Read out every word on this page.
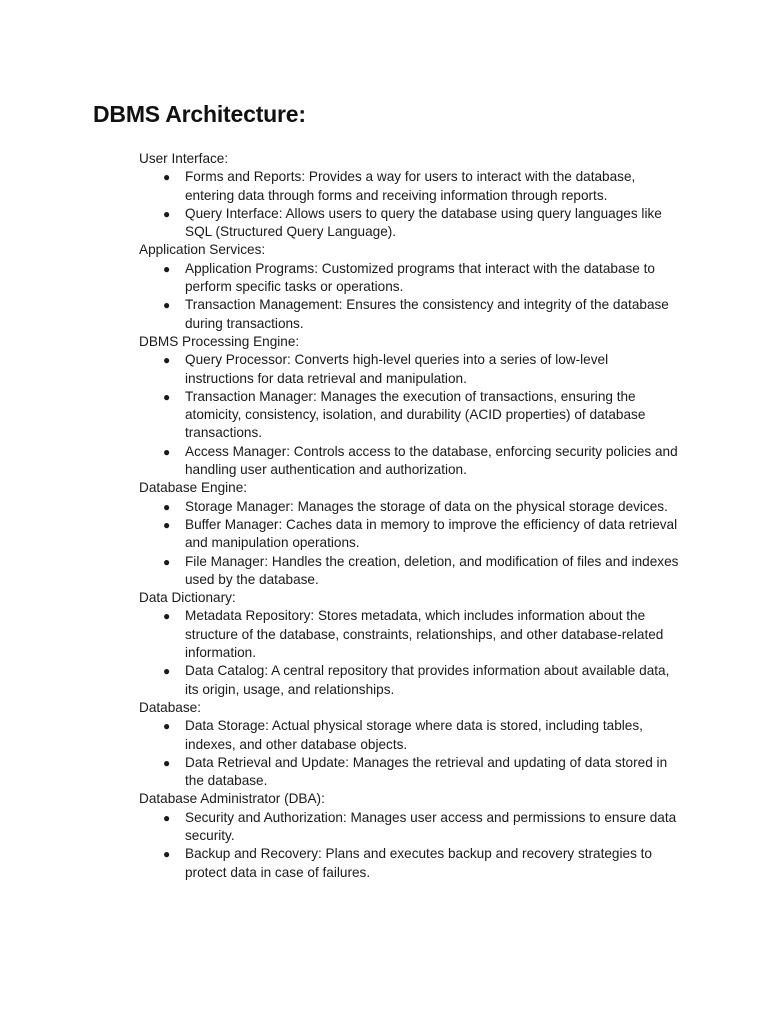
DBMS Architecture:

User Interface:

● Forms and Reports: Provides a way for users to interact with the database, entering data through forms and receiving information through reports.
● Query Interface: Allows users to query the database using query languages like SQL (Structured Query Language).

Application Services:

● Application Programs: Customized programs that interact with the database to perform specific tasks or operations.
● Transaction Management: Ensures the consistency and integrity of the database during transactions.

DBMS Processing Engine:

● Query Processor: Converts high-level queries into a series of low-level instructions for data retrieval and manipulation.
● Transaction Manager: Manages the execution of transactions, ensuring the atomicity, consistency, isolation, and durability (ACID properties) of database transactions.
● Access Manager: Controls access to the database, enforcing security policies and handling user authentication and authorization.

Database Engine:

● Storage Manager: Manages the storage of data on the physical storage devices.
● Buffer Manager: Caches data in memory to improve the efficiency of data retrieval and manipulation operations.
● File Manager: Handles the creation, deletion, and modification of files and indexes used by the database.

Data Dictionary:

● Metadata Repository: Stores metadata, which includes information about the structure of the database, constraints, relationships, and other database-related information.
● Data Catalog: A central repository that provides information about available data, its origin, usage, and relationships.

Database:

● Data Storage: Actual physical storage where data is stored, including tables, indexes, and other database objects.
● Data Retrieval and Update: Manages the retrieval and updating of data stored in the database.

Database Administrator (DBA):

● Security and Authorization: Manages user access and permissions to ensure data security.
● Backup and Recovery: Plans and executes backup and recovery strategies to protect data in case of failures.
